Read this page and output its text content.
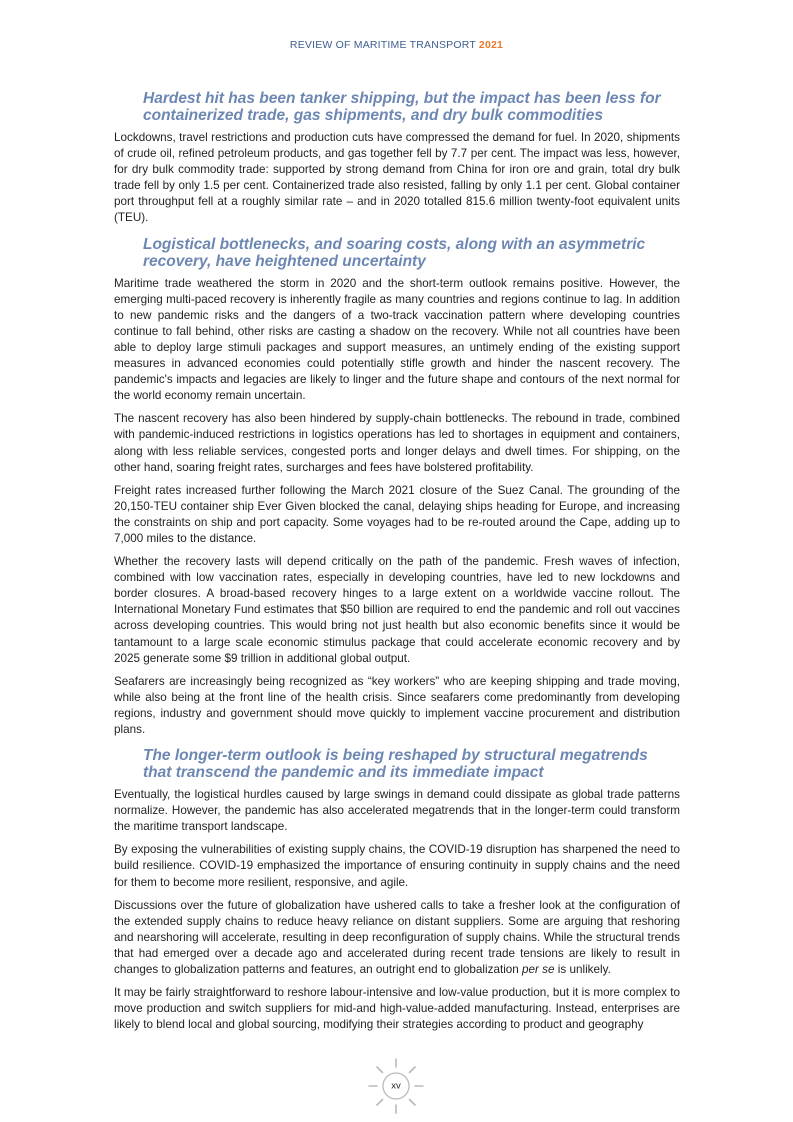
REVIEW OF MARITIME TRANSPORT 2021
Hardest hit has been tanker shipping, but the impact has been less for containerized trade, gas shipments, and dry bulk commodities

Lockdowns, travel restrictions and production cuts have compressed the demand for fuel. In 2020, shipments of crude oil, refined petroleum products, and gas together fell by 7.7 per cent. The impact was less, however, for dry bulk commodity trade: supported by strong demand from China for iron ore and grain, total dry bulk trade fell by only 1.5 per cent. Containerized trade also resisted, falling by only 1.1 per cent. Global container port throughput fell at a roughly similar rate – and in 2020 totalled 815.6 million twenty-foot equivalent units (TEU).

Logistical bottlenecks, and soaring costs, along with an asymmetric recovery, have heightened uncertainty

Maritime trade weathered the storm in 2020 and the short-term outlook remains positive. However, the emerging multi-paced recovery is inherently fragile as many countries and regions continue to lag. In addition to new pandemic risks and the dangers of a two-track vaccination pattern where developing countries continue to fall behind, other risks are casting a shadow on the recovery. While not all countries have been able to deploy large stimuli packages and support measures, an untimely ending of the existing support measures in advanced economies could potentially stifle growth and hinder the nascent recovery. The pandemic's impacts and legacies are likely to linger and the future shape and contours of the next normal for the world economy remain uncertain.

The nascent recovery has also been hindered by supply-chain bottlenecks. The rebound in trade, combined with pandemic-induced restrictions in logistics operations has led to shortages in equipment and containers, along with less reliable services, congested ports and longer delays and dwell times. For shipping, on the other hand, soaring freight rates, surcharges and fees have bolstered profitability.

Freight rates increased further following the March 2021 closure of the Suez Canal. The grounding of the 20,150-TEU container ship Ever Given blocked the canal, delaying ships heading for Europe, and increasing the constraints on ship and port capacity. Some voyages had to be re-routed around the Cape, adding up to 7,000 miles to the distance.

Whether the recovery lasts will depend critically on the path of the pandemic. Fresh waves of infection, combined with low vaccination rates, especially in developing countries, have led to new lockdowns and border closures. A broad-based recovery hinges to a large extent on a worldwide vaccine rollout. The International Monetary Fund estimates that $50 billion are required to end the pandemic and roll out vaccines across developing countries. This would bring not just health but also economic benefits since it would be tantamount to a large scale economic stimulus package that could accelerate economic recovery and by 2025 generate some $9 trillion in additional global output.

Seafarers are increasingly being recognized as “key workers” who are keeping shipping and trade moving, while also being at the front line of the health crisis. Since seafarers come predominantly from developing regions, industry and government should move quickly to implement vaccine procurement and distribution plans.

The longer-term outlook is being reshaped by structural megatrends that transcend the pandemic and its immediate impact

Eventually, the logistical hurdles caused by large swings in demand could dissipate as global trade patterns normalize. However, the pandemic has also accelerated megatrends that in the longer-term could transform the maritime transport landscape.

By exposing the vulnerabilities of existing supply chains, the COVID-19 disruption has sharpened the need to build resilience. COVID-19 emphasized the importance of ensuring continuity in supply chains and the need for them to become more resilient, responsive, and agile.

Discussions over the future of globalization have ushered calls to take a fresher look at the configuration of the extended supply chains to reduce heavy reliance on distant suppliers. Some are arguing that reshoring and nearshoring will accelerate, resulting in deep reconfiguration of supply chains. While the structural trends that had emerged over a decade ago and accelerated during recent trade tensions are likely to result in changes to globalization patterns and features, an outright end to globalization per se is unlikely.

It may be fairly straightforward to reshore labour-intensive and low-value production, but it is more complex to move production and switch suppliers for mid-and high-value-added manufacturing. Instead, enterprises are likely to blend local and global sourcing, modifying their strategies according to product and geography

xv
